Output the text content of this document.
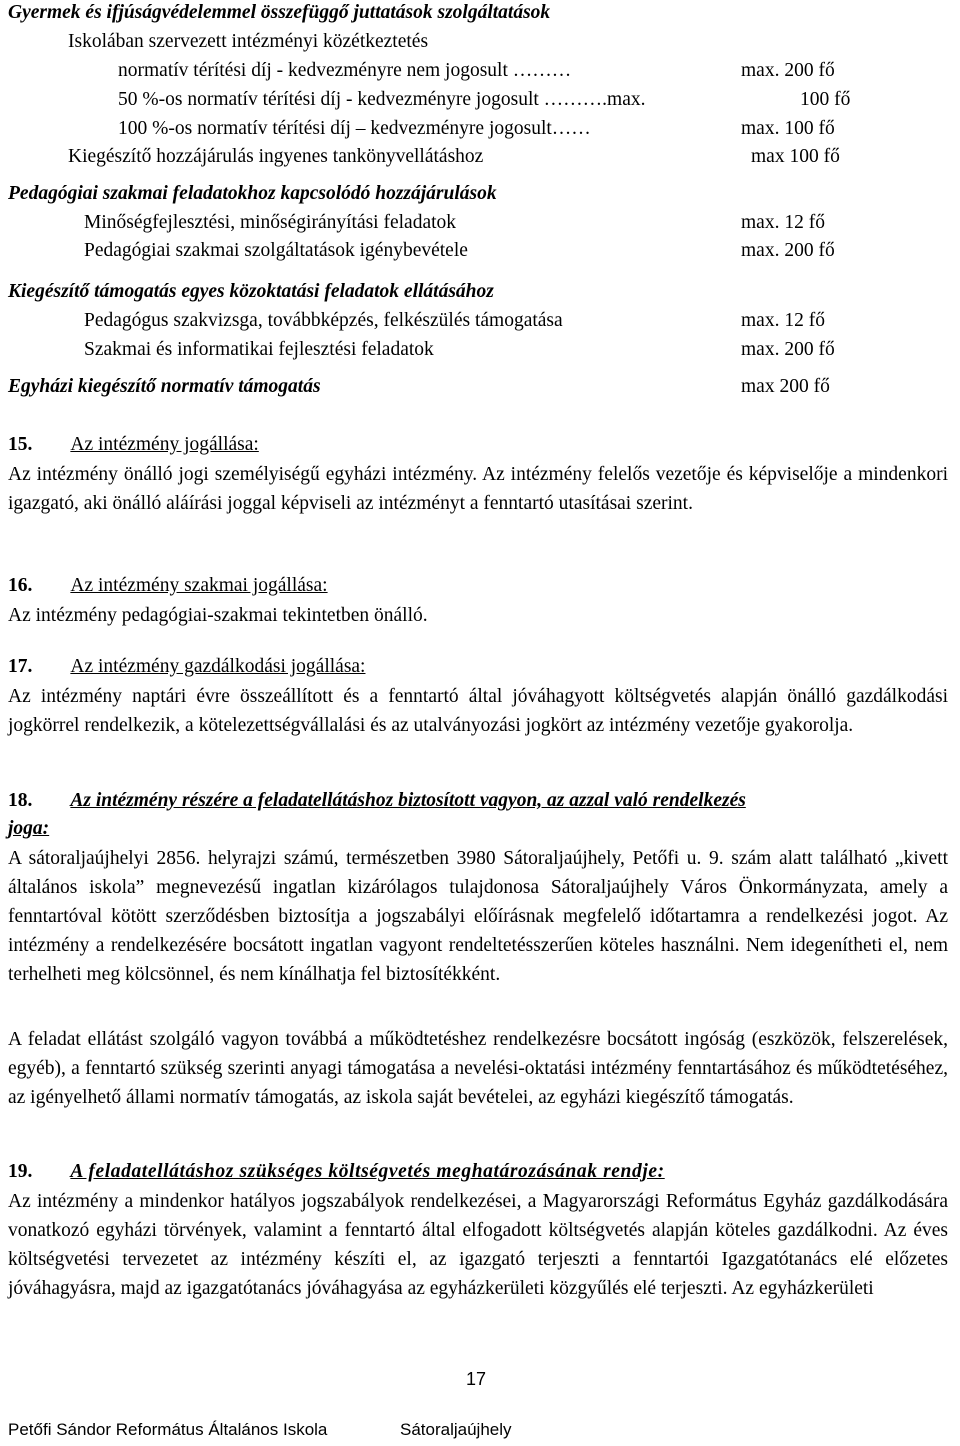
Gyermek és ifjúságvédelemmel összefüggő juttatások szolgáltatások
Iskolában szervezett intézményi közétkeztetés
normatív térítési díj - kedvezményre nem jogosult ………	max. 200 fő
50 %-os normatív térítési díj - kedvezményre jogosult ……….max.	100 fő
100 %-os normatív térítési díj – kedvezményre jogosult……	max. 100 fő
Kiegészítő hozzájárulás ingyenes tankönyvellátáshoz	max 100 fő
Pedagógiai szakmai feladatokhoz kapcsolódó hozzájárulások
Minőségfejlesztési, minőségirányítási feladatok	max. 12 fő
Pedagógiai szakmai szolgáltatások igénybevétele	max. 200 fő
Kiegészítő támogatás egyes közoktatási feladatok ellátásához
Pedagógus szakvizsga, továbbképzés, felkészülés támogatása	max. 12 fő
Szakmai és informatikai fejlesztési feladatok	max. 200 fő
Egyházi kiegészítő normatív támogatás	max 200 fő
15. Az intézmény jogállása:
Az intézmény önálló jogi személyiségű egyházi intézmény. Az intézmény felelős vezetője és képviselője a mindenkori igazgató, aki önálló aláírási joggal képviseli az intézményt a fenntartó utasításai szerint.
16. Az intézmény szakmai jogállása:
Az intézmény pedagógiai-szakmai tekintetben önálló.
17. Az intézmény gazdálkodási jogállása:
Az intézmény naptári évre összeállított és a fenntartó által jóváhagyott költségvetés alapján önálló gazdálkodási jogkörrel rendelkezik, a kötelezettségvállalási és az utalványozási jogkört az intézmény vezetője gyakorolja.
18. Az intézmény részére a feladatellátáshoz biztosított vagyon, az azzal való rendelkezés
joga:
A sátoraljaújhelyi 2856. helyrajzi számú, természetben 3980 Sátoraljaújhely, Petőfi u. 9. szám alatt található „kivett általános iskola” megnevezésű ingatlan kizárólagos tulajdonosa Sátoraljaújhely Város Önkormányzata, amely a fenntartóval kötött szerződésben biztosítja a jogszabályi előírásnak megfelelő időtartamra a rendelkezési jogot. Az intézmény a rendelkezésére bocsátott ingatlan vagyont rendeltetésszerűen köteles használni. Nem idegenítheti el, nem terhelheti meg kölcsönnel, és nem kínálhatja fel biztosítékként.
A feladat ellátást szolgáló vagyon továbbá a működtetéshez rendelkezésre bocsátott ingóság (eszközök, felszerelések, egyéb), a fenntartó szükség szerinti anyagi támogatása a nevelési-oktatási intézmény fenntartásához és működtetéséhez, az igényelhető állami normatív támogatás, az iskola saját bevételei, az egyházi kiegészítő támogatás.
19. A feladatellátáshoz szükséges költségvetés meghatározásának rendje:
Az intézmény a mindenkor hatályos jogszabályok rendelkezései, a Magyarországi Református Egyház gazdálkodására vonatkozó egyházi törvények, valamint a fenntartó által elfogadott költségvetés alapján köteles gazdálkodni. Az éves költségvetési tervezetet az intézmény készíti el, az igazgató terjeszti a fenntartói Igazgatótanács elé előzetes jóváhagyásra, majd az igazgatótanács jóváhagyása az egyházkerületi közgyűlés elé terjeszti. Az egyházkerületi
17
Petőfi Sándor Református Általános Iskola	Sátoraljaújhely
